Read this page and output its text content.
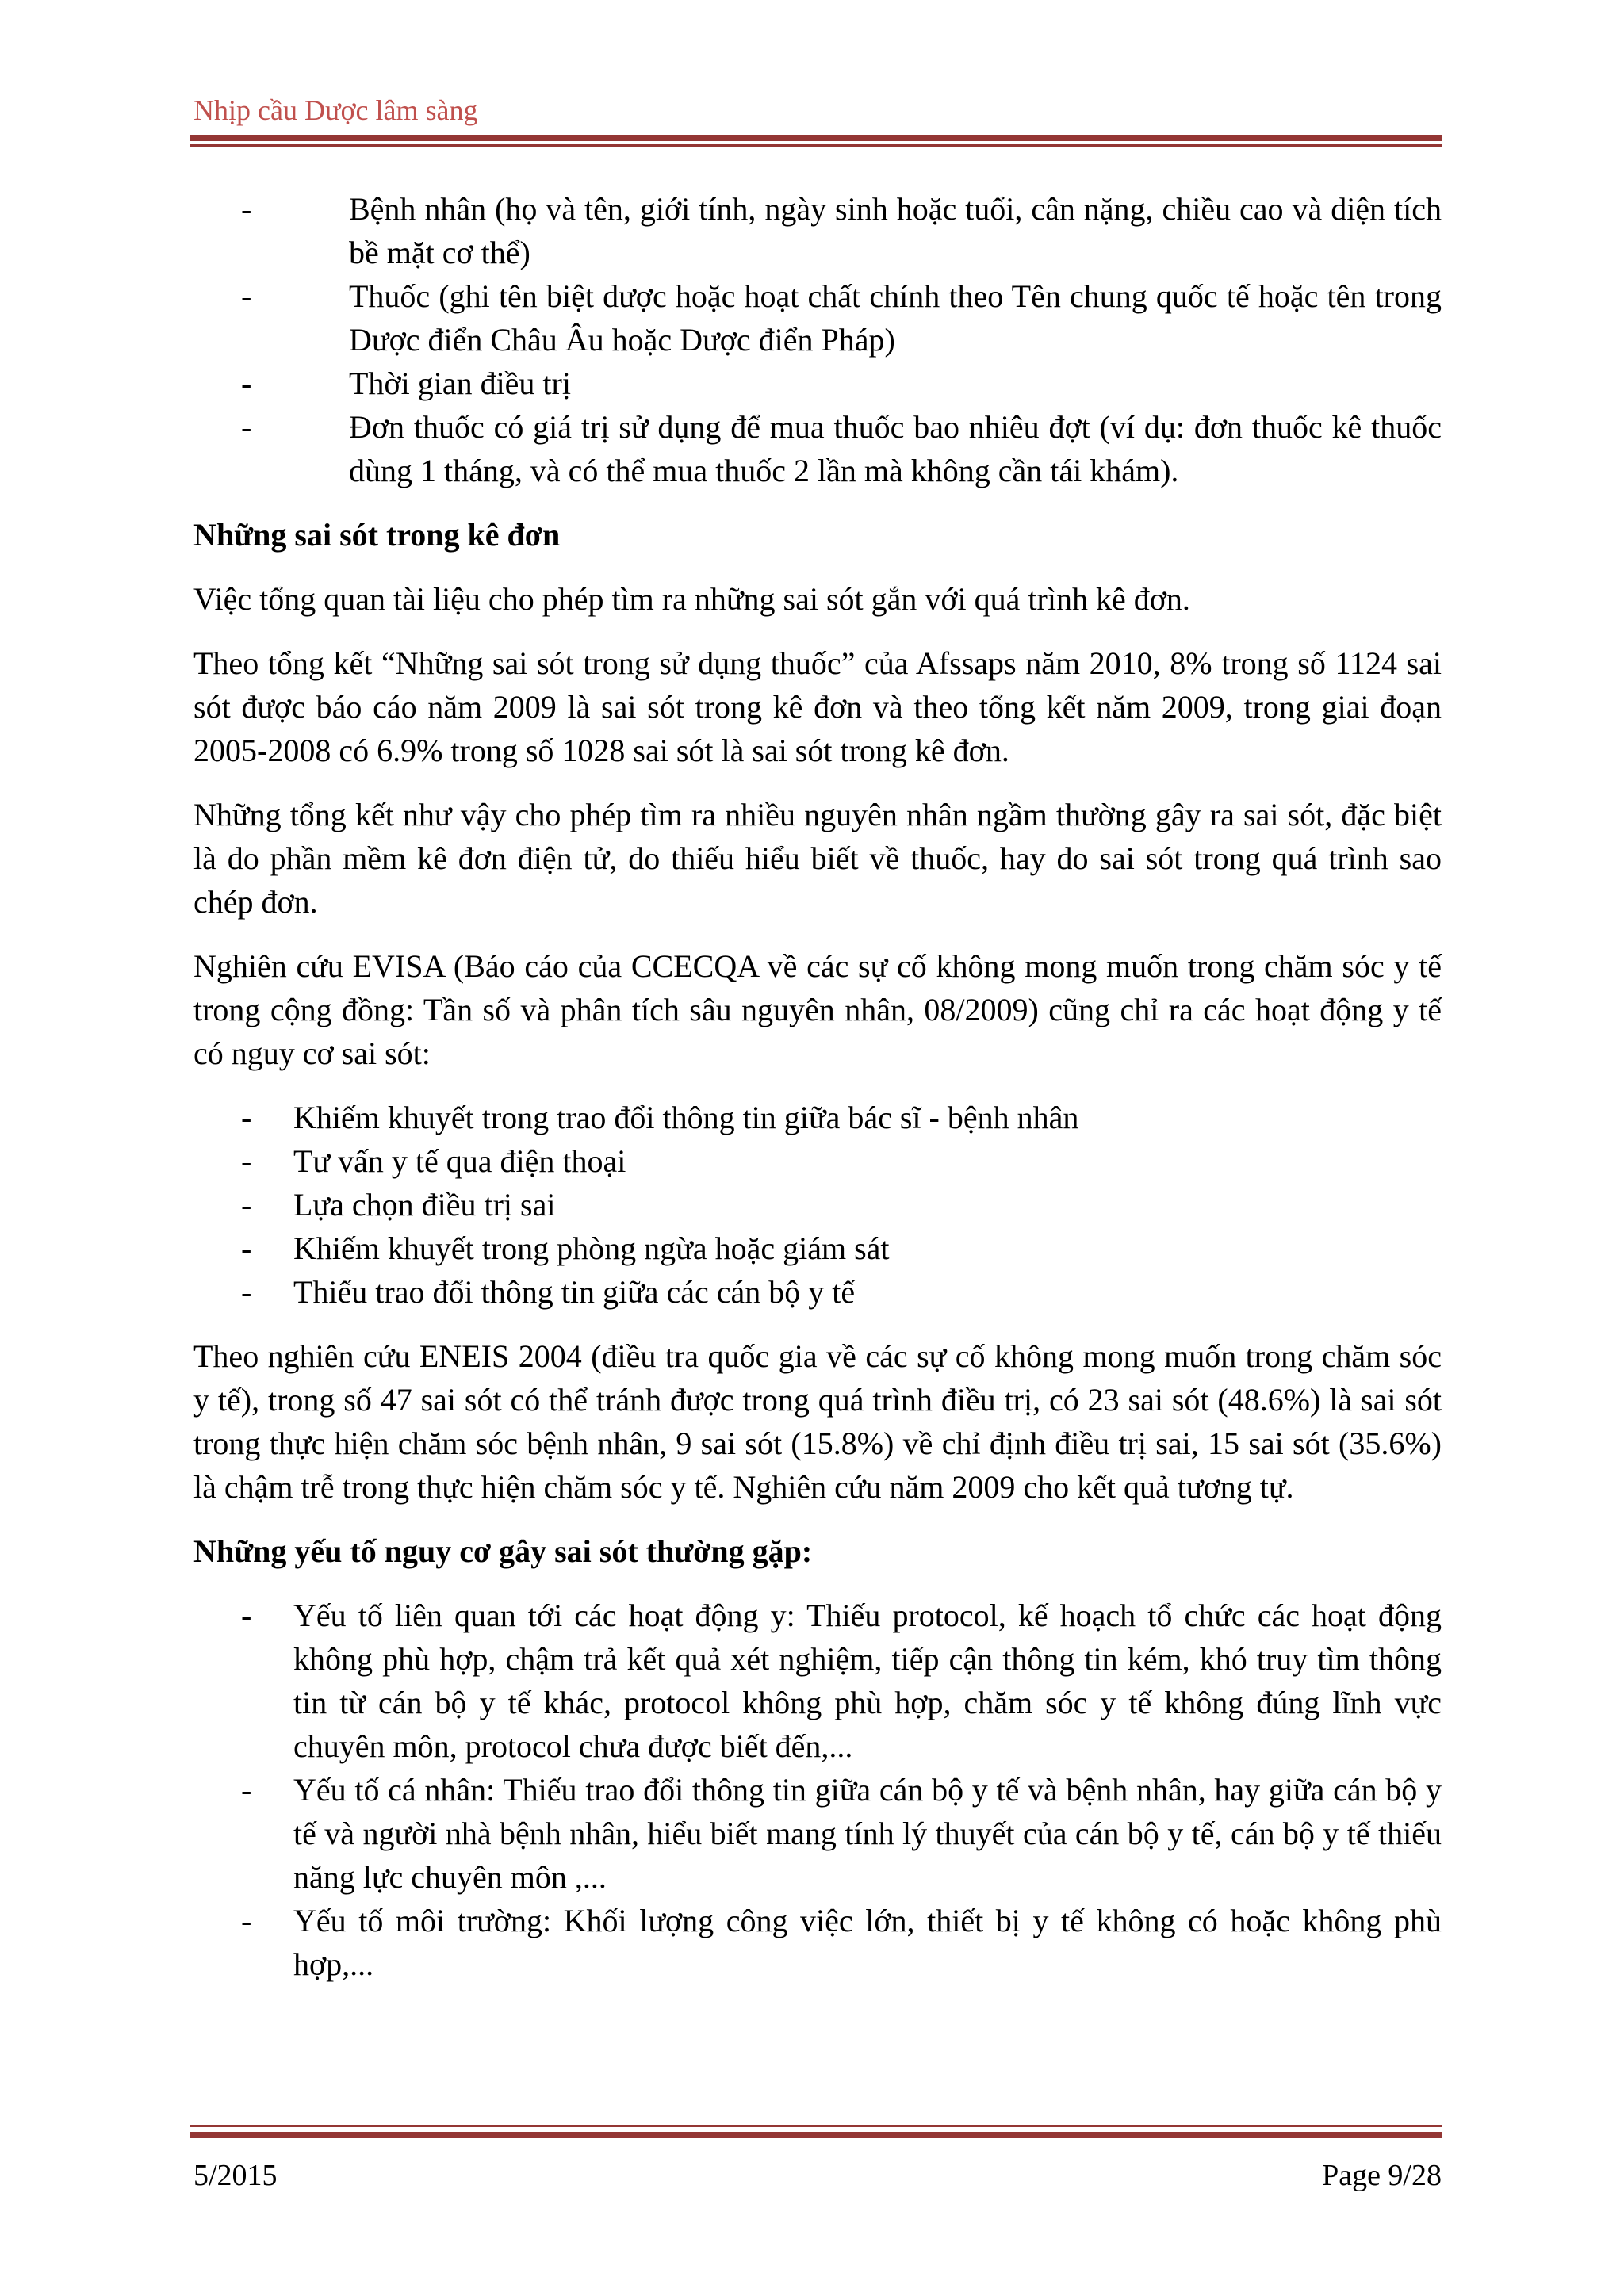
Nhịp cầu Dược lâm sàng
- Bệnh nhân (họ và tên, giới tính, ngày sinh hoặc tuổi, cân nặng, chiều cao và diện tích bề mặt cơ thể)
- Thuốc (ghi tên biệt dược hoặc hoạt chất chính theo Tên chung quốc tế hoặc tên trong Dược điển Châu Âu hoặc Dược điển Pháp)
- Thời gian điều trị
- Đơn thuốc có giá trị sử dụng để mua thuốc bao nhiêu đợt (ví dụ: đơn thuốc kê thuốc dùng 1 tháng, và có thể mua thuốc 2 lần mà không cần tái khám).
Những sai sót trong kê đơn

Việc tổng quan tài liệu cho phép tìm ra những sai sót gắn với quá trình kê đơn.

Theo tổng kết “Những sai sót trong sử dụng thuốc” của Afssaps năm 2010, 8% trong số 1124 sai sót được báo cáo năm 2009 là sai sót trong kê đơn và theo tổng kết năm 2009, trong giai đoạn 2005-2008 có 6.9% trong số 1028 sai sót là sai sót trong kê đơn.

Những tổng kết như vậy cho phép tìm ra nhiều nguyên nhân ngầm thường gây ra sai sót, đặc biệt là do phần mềm kê đơn điện tử, do thiếu hiểu biết về thuốc, hay do sai sót trong quá trình sao chép đơn.

Nghiên cứu EVISA (Báo cáo của CCECQA về các sự cố không mong muốn trong chăm sóc y tế trong cộng đồng: Tần số và phân tích sâu nguyên nhân, 08/2009) cũng chỉ ra các hoạt động y tế có nguy cơ sai sót:

- Khiếm khuyết trong trao đổi thông tin giữa bác sĩ - bệnh nhân
- Tư vấn y tế qua điện thoại
- Lựa chọn điều trị sai
- Khiếm khuyết trong phòng ngừa hoặc giám sát
- Thiếu trao đổi thông tin giữa các cán bộ y tế

Theo nghiên cứu ENEIS 2004 (điều tra quốc gia về các sự cố không mong muốn trong chăm sóc y tế), trong số 47 sai sót có thể tránh được trong quá trình điều trị, có 23 sai sót (48.6%) là sai sót trong thực hiện chăm sóc bệnh nhân, 9 sai sót (15.8%) về chỉ định điều trị sai, 15 sai sót (35.6%) là chậm trễ trong thực hiện chăm sóc y tế. Nghiên cứu năm 2009 cho kết quả tương tự.

Những yếu tố nguy cơ gây sai sót thường gặp:
- Yếu tố liên quan tới các hoạt động y: Thiếu protocol, kế hoạch tổ chức các hoạt động không phù hợp, chậm trả kết quả xét nghiệm, tiếp cận thông tin kém, khó truy tìm thông tin từ cán bộ y tế khác, protocol không phù hợp, chăm sóc y tế không đúng lĩnh vực chuyên môn, protocol chưa được biết đến,...
- Yếu tố cá nhân: Thiếu trao đổi thông tin giữa cán bộ y tế và bệnh nhân, hay giữa cán bộ y tế và người nhà bệnh nhân, hiểu biết mang tính lý thuyết của cán bộ y tế, cán bộ y tế thiếu năng lực chuyên môn ,...
- Yếu tố môi trường: Khối lượng công việc lớn, thiết bị y tế không có hoặc không phù hợp,...
5/2015	Page 9/28
